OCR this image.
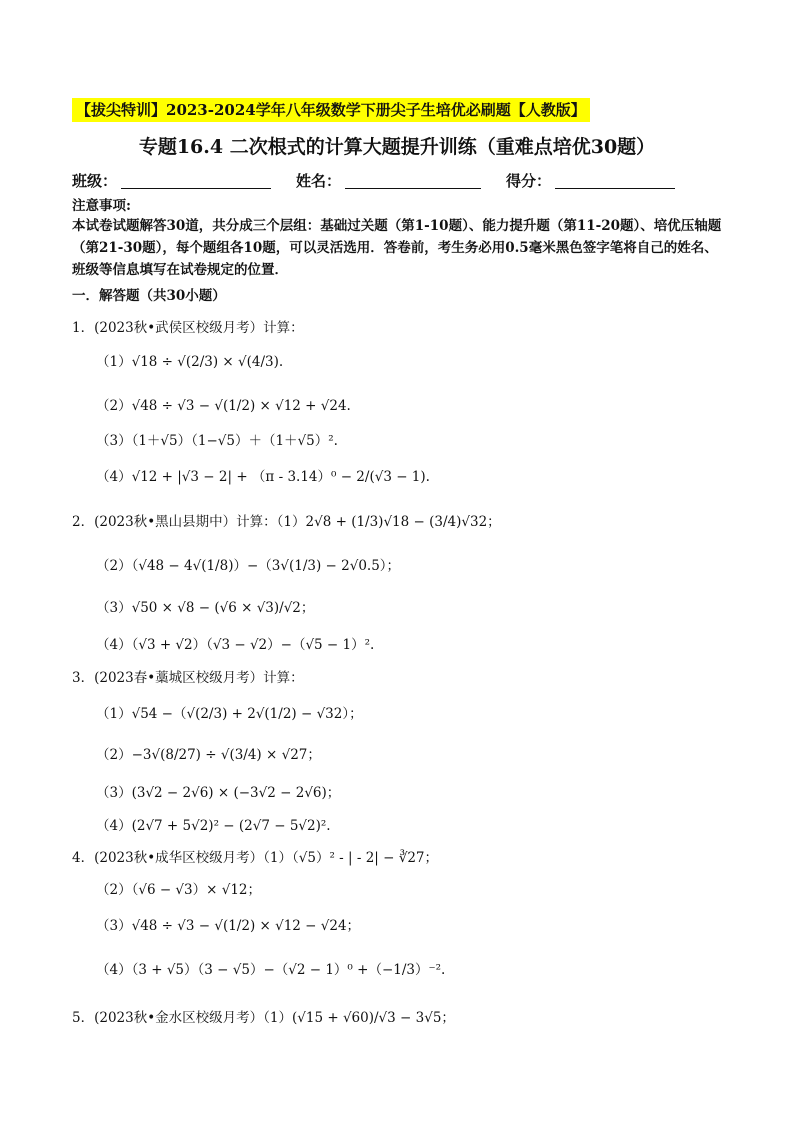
【拔尖特训】2023-2024学年八年级数学下册尖子生培优必刷题【人教版】
专题16.4 二次根式的计算大题提升训练（重难点培优30题）
班级：	姓名：	得分：
注意事项:
本试卷试题解答30道，共分成三个层组：基础过关题（第1-10题）、能力提升题（第11-20题）、培优压轴题（第21-30题），每个题组各10题，可以灵活选用．答卷前，考生务必用0.5毫米黑色签字笔将自己的姓名、班级等信息填写在试卷规定的位置．
一．解答题（共30小题）
1．(2023秋•武侯区校级月考）计算：
（1）√18 ÷ √(2/3) × √(4/3).
（2）√48 ÷ √3 − √(1/2) × √12 + √24.
（3）（1＋√5）（1−√5）＋（1＋√5）².
（4）√12 + |√3 − 2| + （π - 3.14）⁰ − 2/(√3 − 1).
2．(2023秋•黑山县期中）计算：（1）2√8 + (1/3)√18 − (3/4)√32；
（2）（√48 − 4√(1/8)）−（3√(1/3) − 2√0.5）；
（3）√50 × √8 − (√6 × √3)/√2；
（4）（√3 + √2）（√3 − √2）−（√5 − 1）².
3．(2023春•藁城区校级月考）计算：
（1）√54 −（√(2/3) + 2√(1/2) − √32）；
（2）−3√(8/27) ÷ √(3/4) × √27；
（3）(3√2 − 2√6) × (−3√2 − 2√6)；
（4）(2√7 + 5√2)² − (2√7 − 5√2)².
4．(2023秋•成华区校级月考）（1）（√5）² - | - 2| − ∛27；
（2）（√6 − √3）× √12；
（3）√48 ÷ √3 − √(1/2) × √12 − √24；
（4）（3 + √5）（3 − √5）−（√2 − 1）⁰ +（−1/3）⁻².
5．(2023秋•金水区校级月考）（1）(√15 + √60)/√3 − 3√5；
